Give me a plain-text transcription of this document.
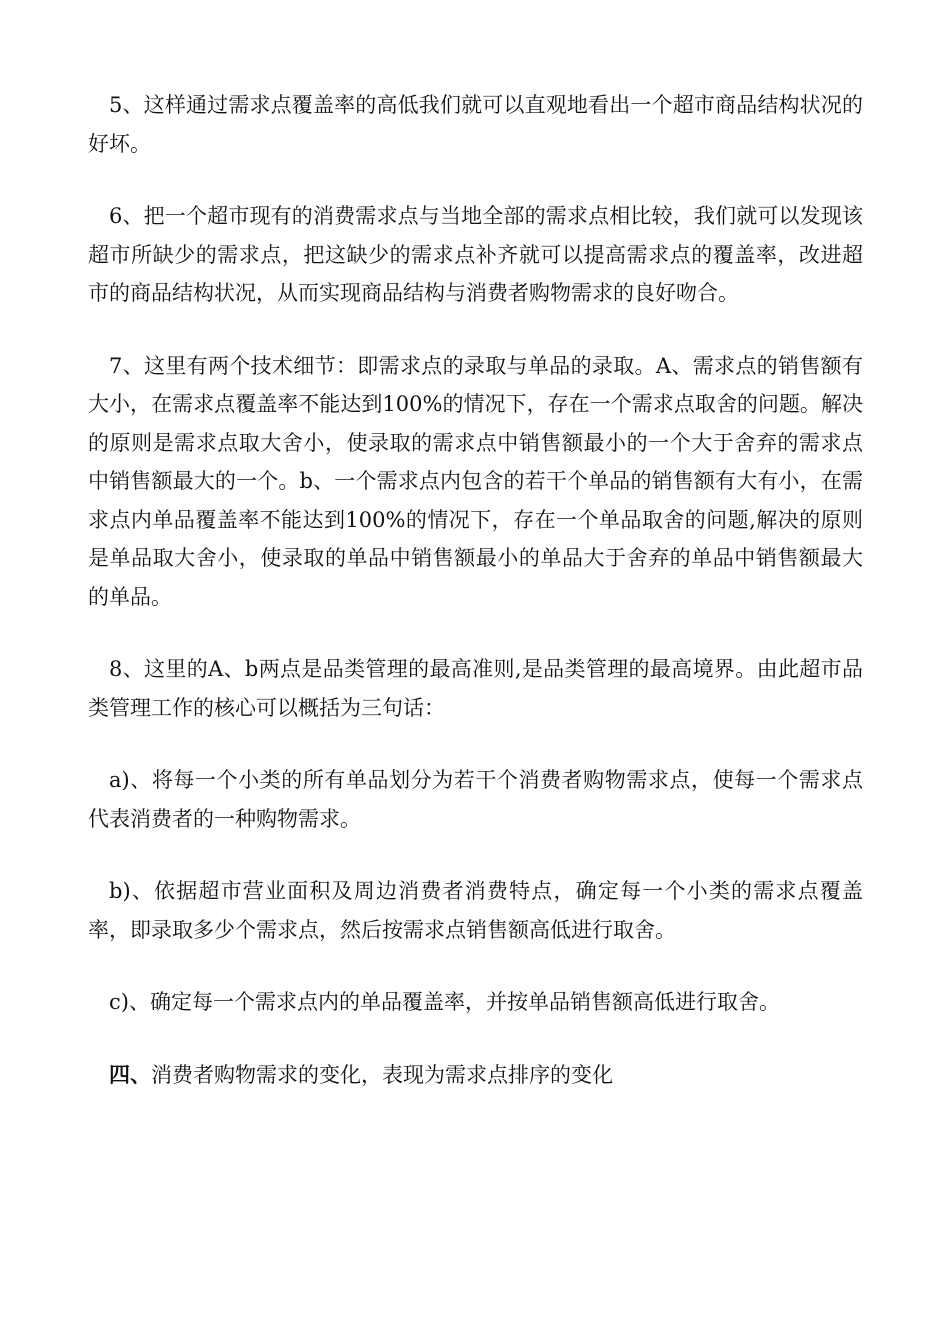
5、这样通过需求点覆盖率的高低我们就可以直观地看出一个超市商品结构状况的好坏。

6、把一个超市现有的消费需求点与当地全部的需求点相比较，我们就可以发现该超市所缺少的需求点，把这缺少的需求点补齐就可以提高需求点的覆盖率，改进超市的商品结构状况，从而实现商品结构与消费者购物需求的良好吻合。

7、这里有两个技术细节：即需求点的录取与单品的录取。A、需求点的销售额有大小，在需求点覆盖率不能达到100%的情况下，存在一个需求点取舍的问题。解决的原则是需求点取大舍小，使录取的需求点中销售额最小的一个大于舍弃的需求点中销售额最大的一个。b、一个需求点内包含的若干个单品的销售额有大有小，在需求点内单品覆盖率不能达到100%的情况下，存在一个单品取舍的问题,解决的原则是单品取大舍小，使录取的单品中销售额最小的单品大于舍弃的单品中销售额最大的单品。

8、这里的A、b两点是品类管理的最高准则,是品类管理的最高境界。由此超市品类管理工作的核心可以概括为三句话：

a)、将每一个小类的所有单品划分为若干个消费者购物需求点，使每一个需求点代表消费者的一种购物需求。

b)、依据超市营业面积及周边消费者消费特点，确定每一个小类的需求点覆盖率，即录取多少个需求点，然后按需求点销售额高低进行取舍。

c)、确定每一个需求点内的单品覆盖率，并按单品销售额高低进行取舍。

四、消费者购物需求的变化，表现为需求点排序的变化
